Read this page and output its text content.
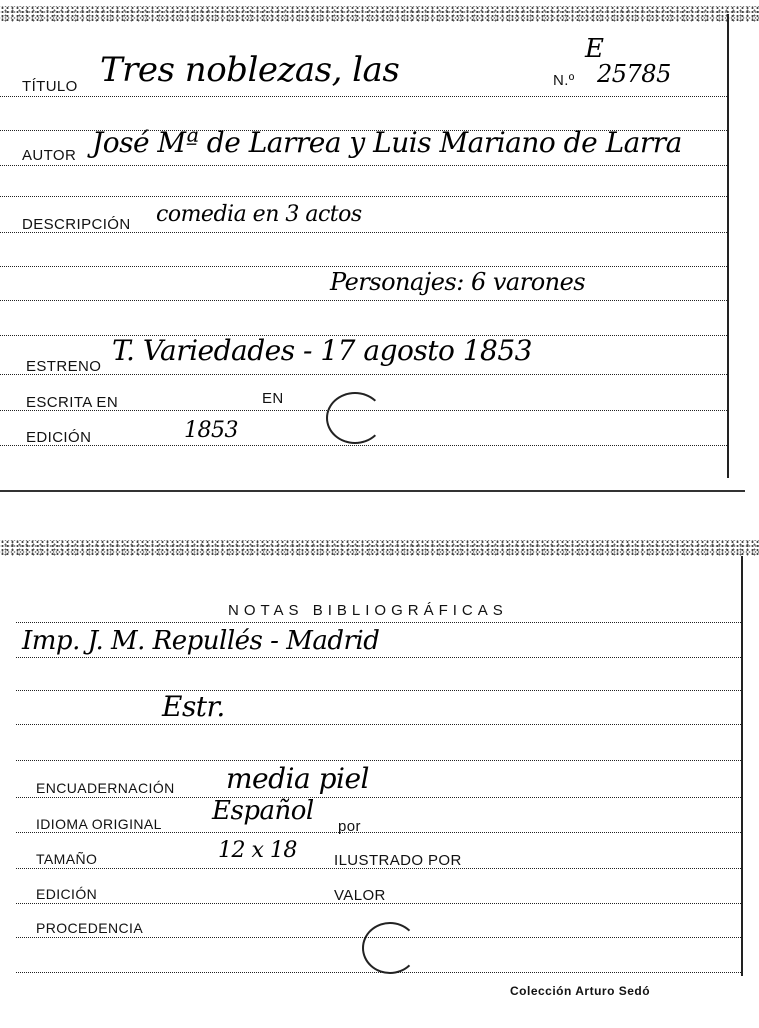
TÍTULO Tres noblezas, las	N.º
E
25785
AUTOR José Mª de Larrea y Luis Mariano de Larra
DESCRIPCIÓN comedia en 3 actos
Personajes: 6 varones
ESTRENO T. Variedades - 17 agosto 1853
ESCRITA EN	EN
EDICIÓN	1853
NOTAS BIBLIOGRÁFICAS
Imp. J. M. Repullés - Madrid
Estr.
ENCUADERNACIÓN media piel
IDIOMA ORIGINAL Español
por
TAMAÑO	12 x 18 ILUSTRADO POR
EDICIÓN	VALOR
PROCEDENCIA
Colección Arturo Sedó
